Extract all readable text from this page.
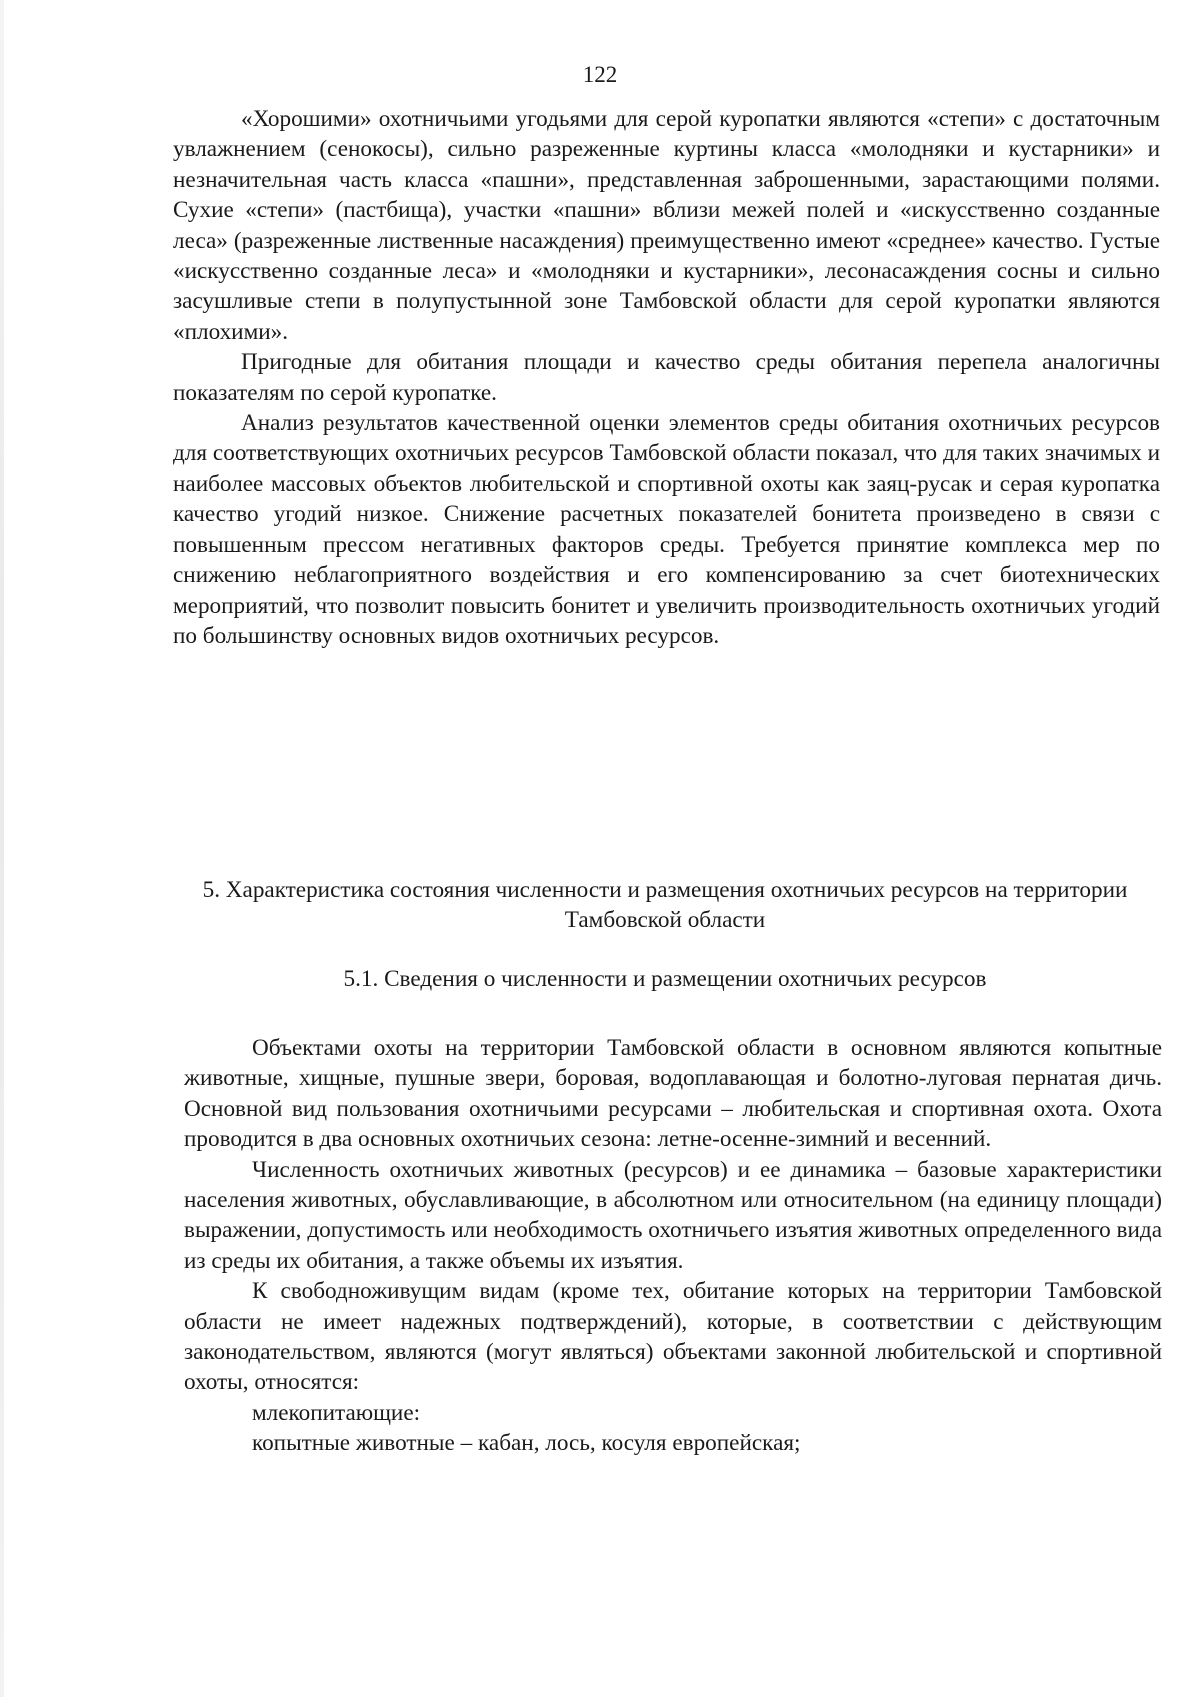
122

«Хорошими» охотничьими угодьями для серой куропатки являются «степи» с достаточным увлажнением (сенокосы), сильно разреженные куртины класса «молодняки и кустарники» и незначительная часть класса «пашни», представленная заброшенными, зарастающими полями. Сухие «степи» (пастбища), участки «пашни» вблизи межей полей и «искусственно созданные леса» (разреженные лиственные насаждения) преимущественно имеют «среднее» качество. Густые «искусственно созданные леса» и «молодняки и кустарники», лесонасаждения сосны и сильно засушливые степи в полупустынной зоне Тамбовской области для серой куропатки являются «плохими».

Пригодные для обитания площади и качество среды обитания перепела аналогичны показателям по серой куропатке.

Анализ результатов качественной оценки элементов среды обитания охотничьих ресурсов для соответствующих охотничьих ресурсов Тамбовской области показал, что для таких значимых и наиболее массовых объектов любительской и спортивной охоты как заяц-русак и серая куропатка качество угодий низкое. Снижение расчетных показателей бонитета произведено в связи с повышенным прессом негативных факторов среды. Требуется принятие комплекса мер по снижению неблагоприятного воздействия и его компенсированию за счет биотехнических мероприятий, что позволит повысить бонитет и увеличить производительность охотничьих угодий по большинству основных видов охотничьих ресурсов.

5. Характеристика состояния численности и размещения охотничьих ресурсов на территории Тамбовской области
5.1. Сведения о численности и размещении охотничьих ресурсов

Объектами охоты на территории Тамбовской области в основном являются копытные животные, хищные, пушные звери, боровая, водоплавающая и болотно-луговая пернатая дичь. Основной вид пользования охотничьими ресурсами – любительская и спортивная охота. Охота проводится в два основных охотничьих сезона: летне-осенне-зимний и весенний.

Численность охотничьих животных (ресурсов) и ее динамика – базовые характеристики населения животных, обуславливающие, в абсолютном или относительном (на единицу площади) выражении, допустимость или необходимость охотничьего изъятия животных определенного вида из среды их обитания, а также объемы их изъятия.

К свободноживущим видам (кроме тех, обитание которых на территории Тамбовской области не имеет надежных подтверждений), которые, в соответствии с действующим законодательством, являются (могут являться) объектами законной любительской и спортивной охоты, относятся:

млекопитающие:

копытные животные – кабан, лось, косуля европейская;
